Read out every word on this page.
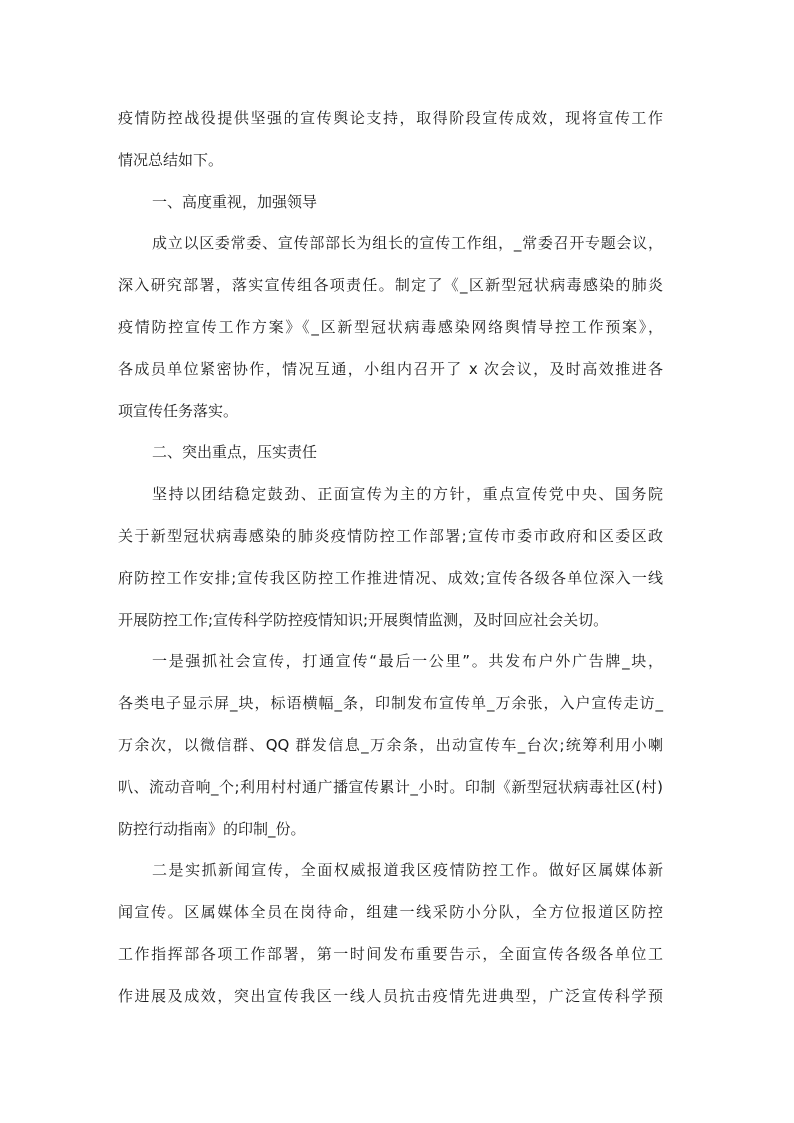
疫情防控战役提供坚强的宣传舆论支持，取得阶段宣传成效，现将宣传工作
情况总结如下。
一、高度重视，加强领导
成立以区委常委、宣传部部长为组长的宣传工作组，_常委召开专题会议，
深入研究部署，落实宣传组各项责任。制定了《_区新型冠状病毒感染的肺炎
疫情防控宣传工作方案》《_区新型冠状病毒感染网络舆情导控工作预案》，
各成员单位紧密协作，情况互通，小组内召开了 x 次会议，及时高效推进各
项宣传任务落实。
二、突出重点，压实责任
坚持以团结稳定鼓劲、正面宣传为主的方针，重点宣传党中央、国务院
关于新型冠状病毒感染的肺炎疫情防控工作部署;宣传市委市政府和区委区政
府防控工作安排;宣传我区防控工作推进情况、成效;宣传各级各单位深入一线
开展防控工作;宣传科学防控疫情知识;开展舆情监测，及时回应社会关切。
一是强抓社会宣传，打通宣传“最后一公里”。共发布户外广告牌_块，
各类电子显示屏_块，标语横幅_条，印制发布宣传单_万余张，入户宣传走访_
万余次，以微信群、QQ 群发信息_万余条，出动宣传车_台次;统筹利用小喇
叭、流动音响_个;利用村村通广播宣传累计_小时。印制《新型冠状病毒社区(村)
防控行动指南》的印制_份。
二是实抓新闻宣传，全面权威报道我区疫情防控工作。做好区属媒体新
闻宣传。区属媒体全员在岗待命，组建一线采防小分队，全方位报道区防控
工作指挥部各项工作部署，第一时间发布重要告示，全面宣传各级各单位工
作进展及成效，突出宣传我区一线人员抗击疫情先进典型，广泛宣传科学预
